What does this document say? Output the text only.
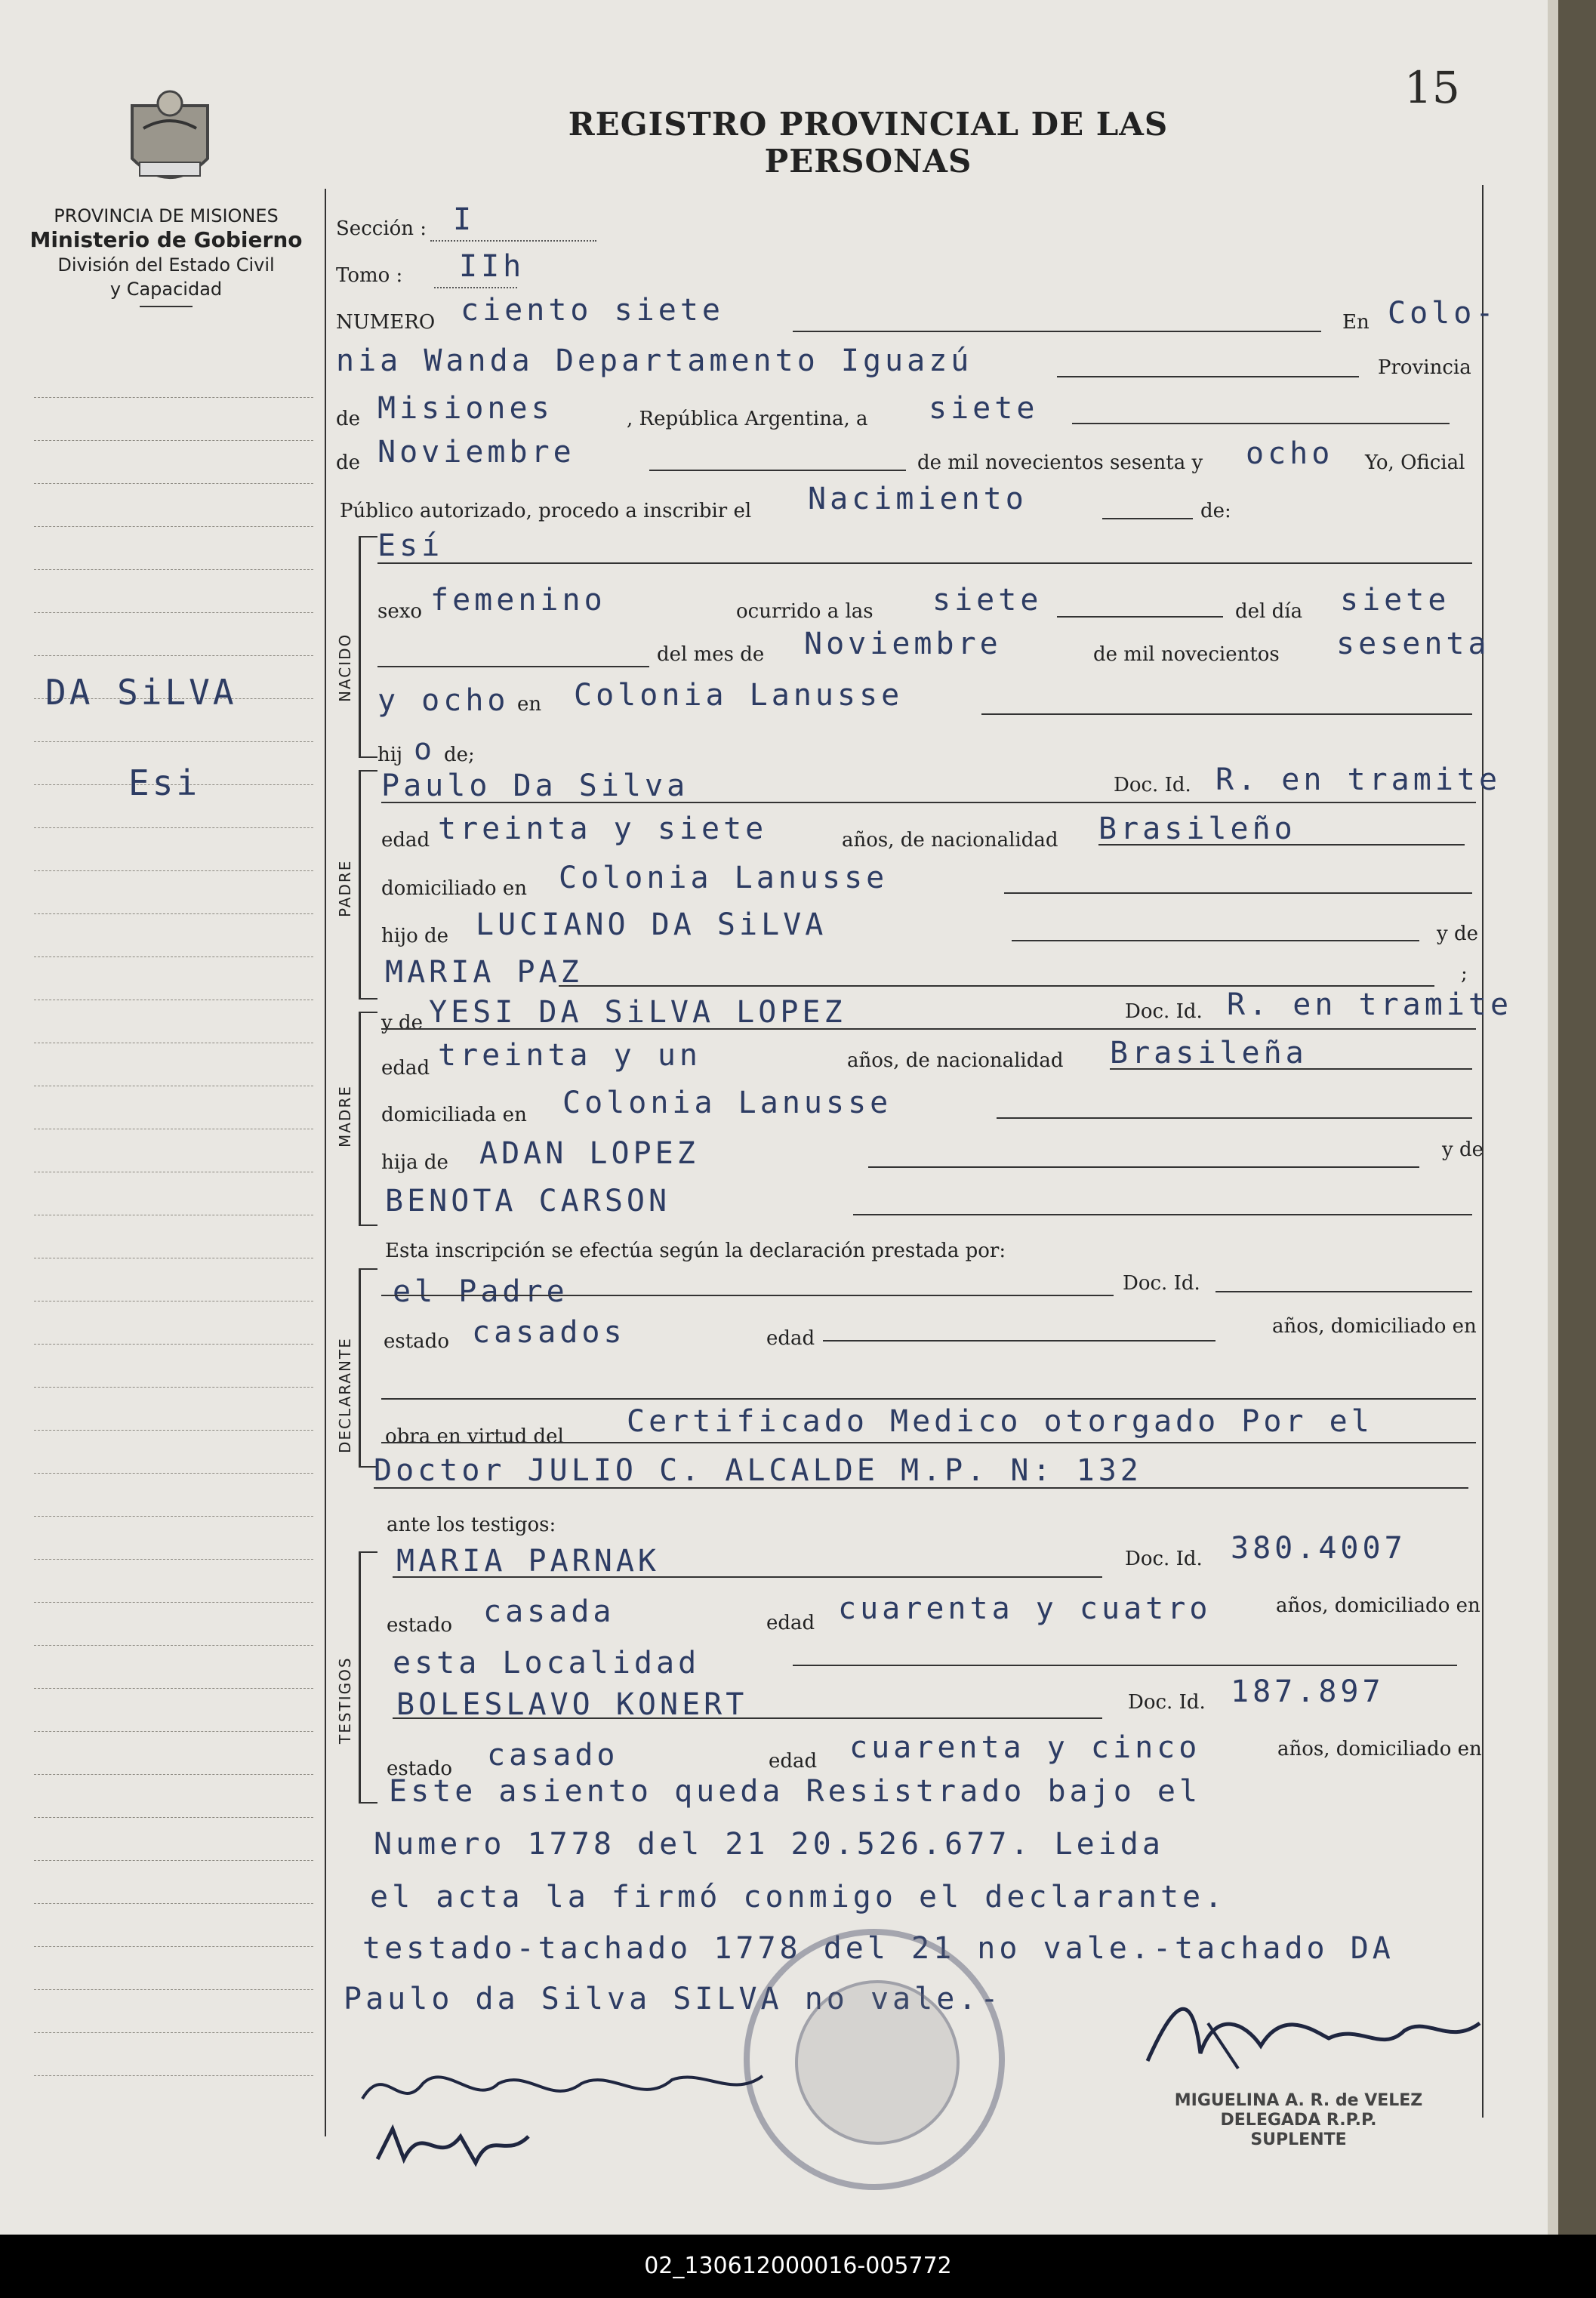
15
REGISTRO PROVINCIAL DE LAS PERSONAS
PROVINCIA DE MISIONES
Ministerio de Gobierno
División del Estado Civil
y Capacidad
DA SiLVA
Esi
Sección : I
Tomo : IIh
NUMERO ciento siete	En Colo-
nia Wanda Departamento Iguazú	Provincia
de Misiones	, República Argentina, a siete
de Noviembre	de mil novecientos sesenta y ocho Yo, Oficial
Público autorizado, procedo a inscribir el Nacimiento	de:
NACIDO
Esí
sexo femenino	ocurrido a las siete	del día siete
del mes de Noviembre	de mil novecientos sesenta
y ocho en Colonia Lanusse
hij o de;
PADRE
Paulo Da Silva	Doc. Id. R. en tramite
edad treinta y siete	años, de nacionalidad Brasileño
domiciliado en Colonia Lanusse
hijo de LUCIANO DA SiLVA	y de
MARIA PAZ	;
MADRE
y de YESI DA SiLVA LOPEZ	Doc. Id. R. en tramite
edad treinta y un	años, de nacionalidad Brasileña
domiciliada en Colonia Lanusse
hija de ADAN LOPEZ	y de
BENOTA CARSON
Esta inscripción se efectúa según la declaración prestada por:
DECLARANTE
el Padre	Doc. Id.
estado casados	edad
años, domiciliado en
obra en virtud del Certificado Medico otorgado Por el
Doctor JULIO C. ALCALDE M.P. N: 132
ante los testigos:
TESTIGOS
MARIA PARNAK	Doc. Id. 380.4007
estado casada	edad cuarenta y cuatro	años, domiciliado en
esta Localidad
BOLESLAVO KONERT	Doc. Id. 187.897
estado casado	edad cuarenta y cinco	años, domiciliado en
Este asiento queda Resistrado bajo el
Numero 1778 del 21 20.526.677. Leida
el acta la firmó conmigo el declarante.
testado-tachado 1778 del 21 no vale.-tachado DA
Paulo da Silva SILVA no vale.-
MIGUELINA A. R. de VELEZ
DELEGADA R.P.P.
SUPLENTE
02_130612000016-005772
